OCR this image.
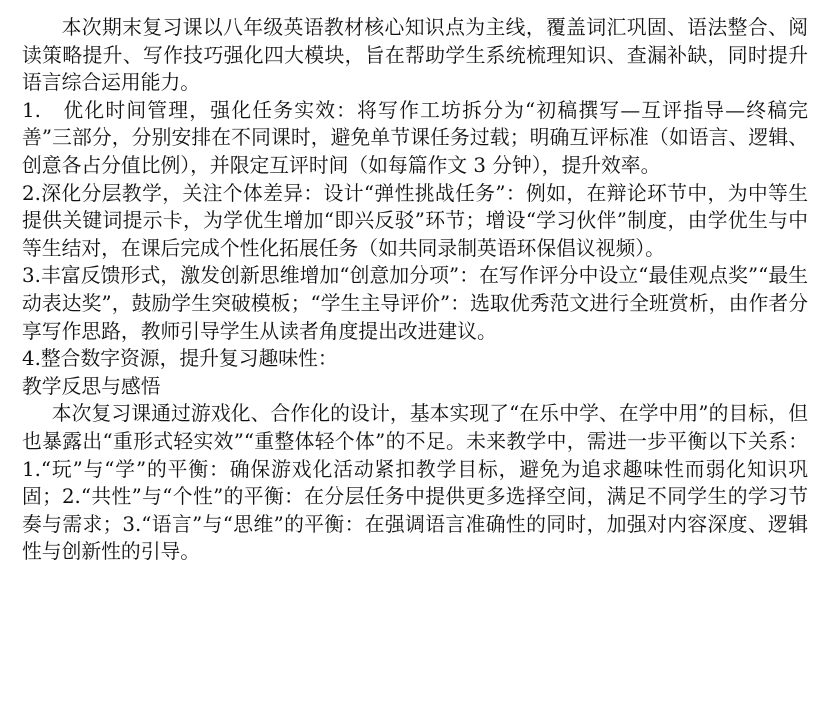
本次期末复习课以八年级英语教材核心知识点为主线，覆盖词汇巩固、语法整合、阅读策略提升、写作技巧强化四大模块，旨在帮助学生系统梳理知识、查漏补缺，同时提升语言综合运用能力。

1.   优化时间管理，强化任务实效：将写作工坊拆分为“初稿撰写—互评指导—终稿完善”三部分，分别安排在不同课时，避免单节课任务过载；明确互评标准（如语言、逻辑、创意各占分值比例），并限定互评时间（如每篇作文 3 分钟），提升效率。

2.深化分层教学，关注个体差异：设计“弹性挑战任务”：例如，在辩论环节中，为中等生提供关键词提示卡，为学优生增加“即兴反驳”环节；增设“学习伙伴”制度，由学优生与中等生结对，在课后完成个性化拓展任务（如共同录制英语环保倡议视频）。

3.丰富反馈形式，激发创新思维增加“创意加分项”：在写作评分中设立“最佳观点奖”“最生动表达奖”，鼓励学生突破模板；“学生主导评价”：选取优秀范文进行全班赏析，由作者分享写作思路，教师引导学生从读者角度提出改进建议。

4.整合数字资源，提升复习趣味性：

教学反思与感悟

本次复习课通过游戏化、合作化的设计，基本实现了“在乐中学、在学中用”的目标，但也暴露出“重形式轻实效”“重整体轻个体”的不足。未来教学中，需进一步平衡以下关系：1.“玩”与“学”的平衡：确保游戏化活动紧扣教学目标，避免为追求趣味性而弱化知识巩固；2.“共性”与“个性”的平衡：在分层任务中提供更多选择空间，满足不同学生的学习节奏与需求；3.“语言”与“思维”的平衡：在强调语言准确性的同时，加强对内容深度、逻辑性与创新性的引导。
